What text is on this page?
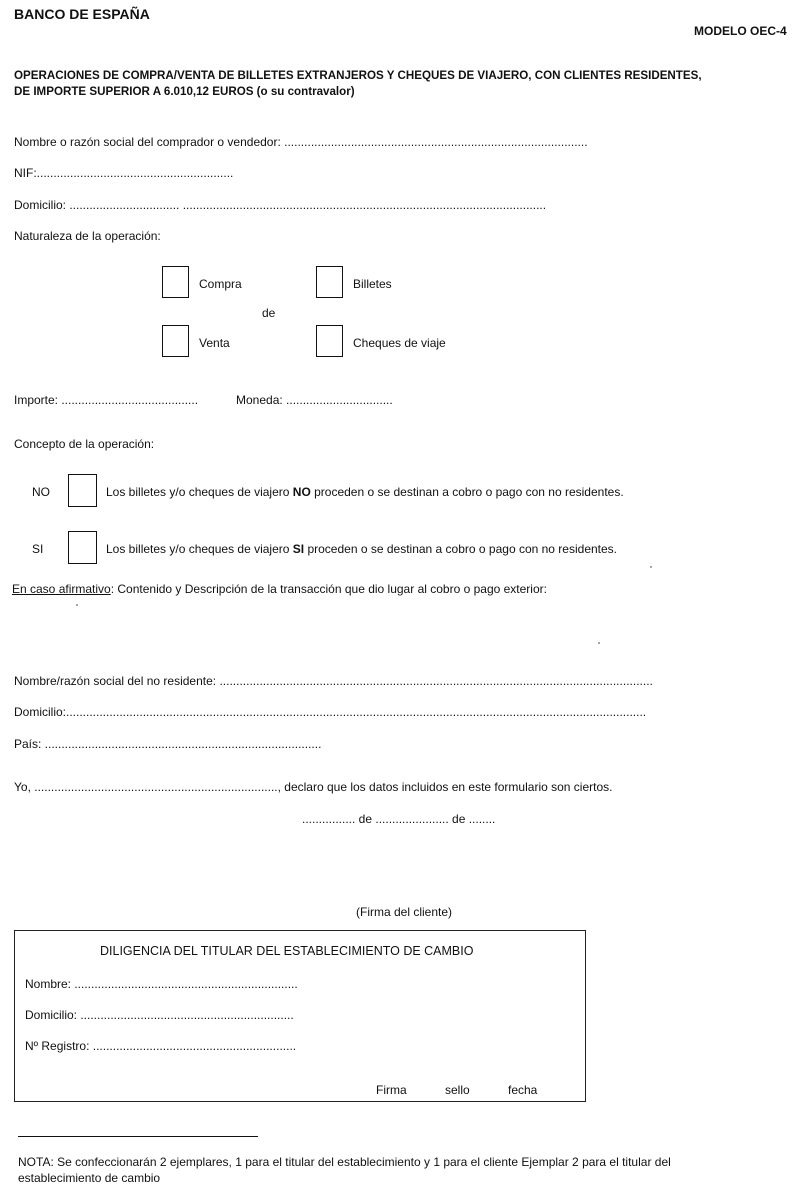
BANCO DE ESPAÑA
MODELO OEC-4
OPERACIONES DE COMPRA/VENTA DE BILLETES EXTRANJEROS Y CHEQUES DE VIAJERO, CON CLIENTES RESIDENTES,
DE IMPORTE SUPERIOR A 6.010,12 EUROS (o su contravalor)
Nombre o razón social del comprador o vendedor: ...........................................................................................
NIF:...........................................................
Domicilio: ................................. .............................................................................................................
Naturaleza de la operación:
Compra	Billetes
de
Venta	Cheques de viaje
Importe: .........................................	Moneda: ................................
Concepto de la operación:
NO	Los billetes y/o cheques de viajero NO proceden o se destinan a cobro o pago con no residentes.
SI	Los billetes y/o cheques de viajero SI proceden o se destinan a cobro o pago con no residentes.
En caso afirmativo: Contenido y Descripción de la transacción que dio lugar al cobro o pago exterior:
Nombre/razón social del no residente: ..................................................................................................................................
Domicilio:..............................................................................................................................................................................
País: ...................................................................................
Yo, ........................................................................., declaro que los datos incluidos en este formulario son ciertos.
................ de ...................... de ........
(Firma del cliente)
DILIGENCIA DEL TITULAR DEL ESTABLECIMIENTO DE CAMBIO
Nombre: ...................................................................
Domicilio: ................................................................
Nº Registro: .............................................................
Firma	sello	fecha
NOTA: Se confeccionarán 2 ejemplares, 1 para el titular del establecimiento y 1 para el cliente Ejemplar 2 para el titular del
establecimiento de cambio
